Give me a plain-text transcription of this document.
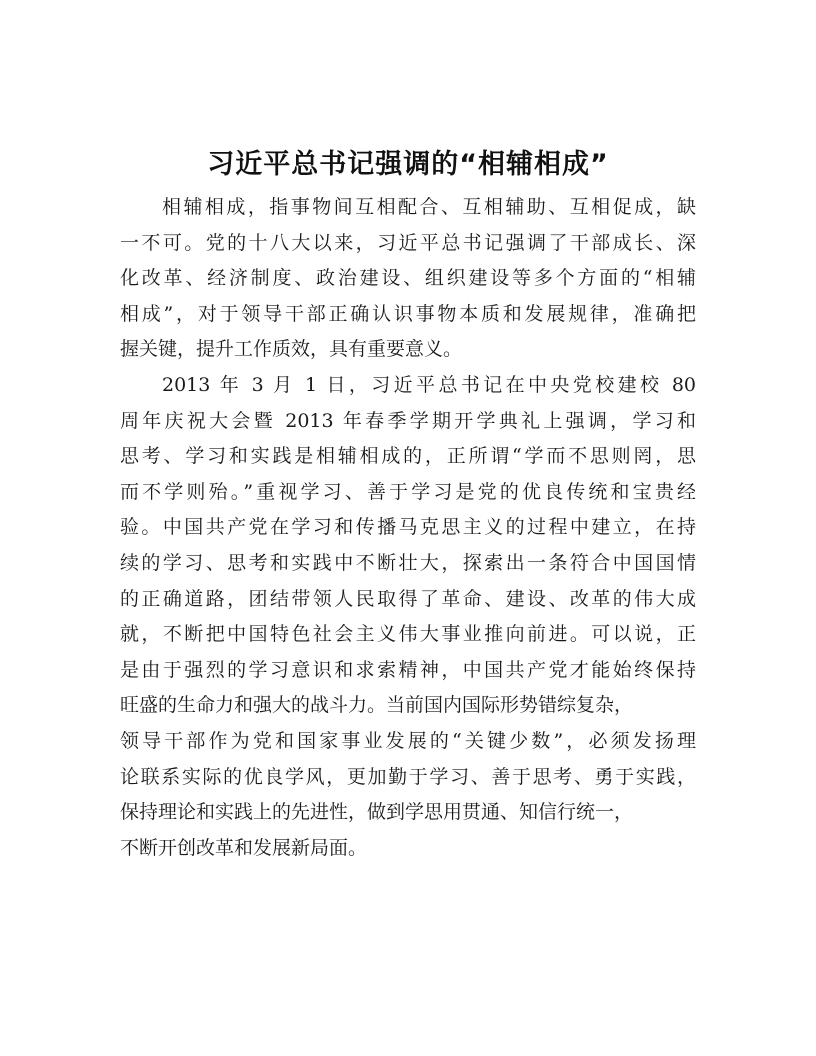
习近平总书记强调的“相辅相成”
相辅相成，指事物间互相配合、互相辅助、互相促成，缺
一不可。党的十八大以来，习近平总书记强调了干部成长、深
化改革、经济制度、政治建设、组织建设等多个方面的“相辅
相成”，对于领导干部正确认识事物本质和发展规律，准确把
握关键，提升工作质效，具有重要意义。
2013 年 3 月 1 日，习近平总书记在中央党校建校 80
周年庆祝大会暨 2013 年春季学期开学典礼上强调，学习和
思考、学习和实践是相辅相成的，正所谓“学而不思则罔，思
而不学则殆。”重视学习、善于学习是党的优良传统和宝贵经
验。中国共产党在学习和传播马克思主义的过程中建立，在持
续的学习、思考和实践中不断壮大，探索出一条符合中国国情
的正确道路，团结带领人民取得了革命、建设、改革的伟大成
就，不断把中国特色社会主义伟大事业推向前进。可以说，正
是由于强烈的学习意识和求索精神，中国共产党才能始终保持
旺盛的生命力和强大的战斗力。当前国内国际形势错综复杂，
领导干部作为党和国家事业发展的“关键少数”，必须发扬理
论联系实际的优良学风，更加勤于学习、善于思考、勇于实践，
保持理论和实践上的先进性，做到学思用贯通、知信行统一，
不断开创改革和发展新局面。
